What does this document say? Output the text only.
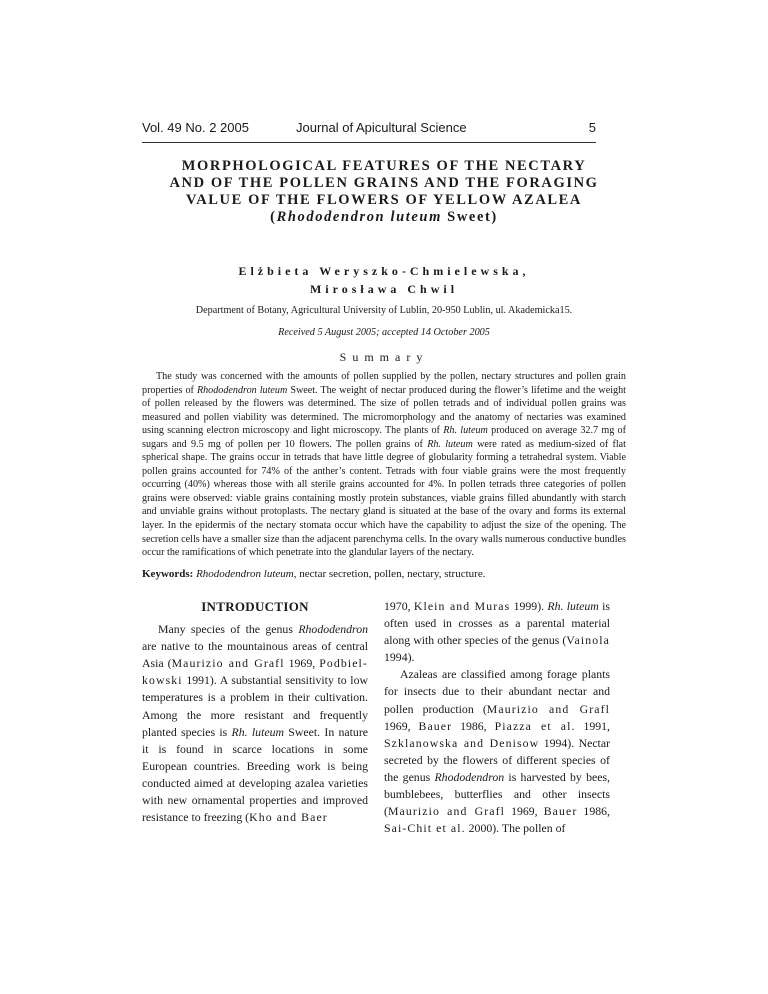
Vol. 49 No. 2 2005	Journal of Apicultural Science	5
MORPHOLOGICAL FEATURES OF THE NECTARY
AND OF THE POLLEN GRAINS AND THE FORAGING
VALUE OF THE FLOWERS OF YELLOW AZALEA
(Rhododendron luteum Sweet)
Elżbieta Weryszko-Chmielewska,
Mirosława Chwil
Department of Botany, Agricultural University of Lublin, 20-950 Lublin, ul. Akademicka15.
Received 5 August 2005; accepted 14 October 2005
Summary

The study was concerned with the amounts of pollen supplied by the pollen, nectary structures and pollen grain properties of Rhododendron luteum Sweet. The weight of nectar produced during the flower’s lifetime and the weight of pollen released by the flowers was determined. The size of pollen tetrads and of individual pollen grains was measured and pollen viability was determined. The micromorphology and the anatomy of nectaries was examined using scanning electron microscopy and light microscopy. The plants of Rh. luteum produced on average 32.7 mg of sugars and 9.5 mg of pollen per 10 flowers. The pollen grains of Rh. luteum were rated as medium-sized of flat spherical shape. The grains occur in tetrads that have little degree of globularity forming a tetrahedral system. Viable pollen grains accounted for 74% of the anther’s content. Tetrads with four viable grains were the most frequently occurring (40%) whereas those with all sterile grains accounted for 4%. In pollen tetrads three categories of pollen grains were observed: viable grains containing mostly protein substances, viable grains filled abundantly with starch and unviable grains without protoplasts. The nectary gland is situated at the base of the ovary and forms its external layer. In the epidermis of the nectary stomata occur which have the capability to adjust the size of the opening. The secretion cells have a smaller size than the adjacent parenchyma cells. In the ovary walls numerous conductive bundles occur the ramifications of which penetrate into the glandular layers of the nectary.

Keywords: Rhododendron luteum, nectar secretion, pollen, nectary, structure.
INTRODUCTION

Many species of the genus Rhododendron are native to the mountainous areas of central Asia (Maurizio and Grafl 1969, Podbiel-kowski 1991). A substantial sensitivity to low temperatures is a problem in their cultivation. Among the more resistant and frequently planted species is Rh. luteum Sweet. In nature it is found in scarce locations in some European countries. Breeding work is being conducted aimed at developing azalea varieties with new ornamental properties and improved resistance to freezing (Kho and Baer

1970, Klein and Muras 1999). Rh. luteum is often used in crosses as a parental material along with other species of the genus (Vainola 1994).

Azaleas are classified among forage plants for insects due to their abundant nectar and pollen production (Maurizio and Grafl 1969, Bauer 1986, Piazza et al. 1991, Szklanowska and Denisow 1994). Nectar secreted by the flowers of different species of the genus Rhododendron is harvested by bees, bumblebees, butterflies and other insects (Maurizio and Grafl 1969, Bauer 1986, Sai-Chit et al. 2000). The pollen of
